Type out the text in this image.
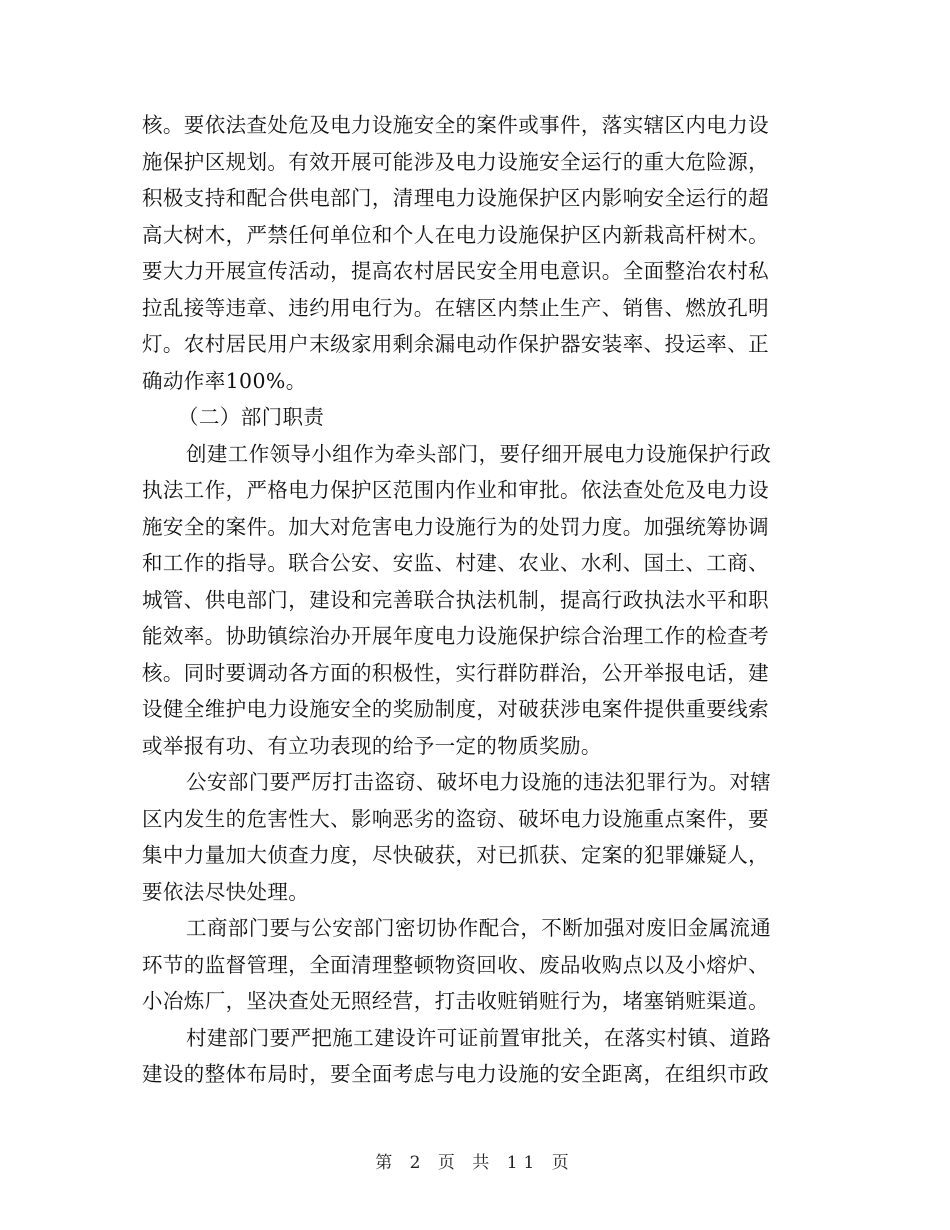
核。要依法查处危及电力设施安全的案件或事件，落实辖区内电力设
施保护区规划。有效开展可能涉及电力设施安全运行的重大危险源，
积极支持和配合供电部门，清理电力设施保护区内影响安全运行的超
高大树木，严禁任何单位和个人在电力设施保护区内新栽高杆树木。
要大力开展宣传活动，提高农村居民安全用电意识。全面整治农村私
拉乱接等违章、违约用电行为。在辖区内禁止生产、销售、燃放孔明
灯。农村居民用户末级家用剩余漏电动作保护器安装率、投运率、正
确动作率100%。
（二）部门职责
创建工作领导小组作为牵头部门，要仔细开展电力设施保护行政
执法工作，严格电力保护区范围内作业和审批。依法查处危及电力设
施安全的案件。加大对危害电力设施行为的处罚力度。加强统筹协调
和工作的指导。联合公安、安监、村建、农业、水利、国土、工商、
城管、供电部门，建设和完善联合执法机制，提高行政执法水平和职
能效率。协助镇综治办开展年度电力设施保护综合治理工作的检查考
核。同时要调动各方面的积极性，实行群防群治，公开举报电话，建
设健全维护电力设施安全的奖励制度，对破获涉电案件提供重要线索
或举报有功、有立功表现的给予一定的物质奖励。
公安部门要严厉打击盗窃、破坏电力设施的违法犯罪行为。对辖
区内发生的危害性大、影响恶劣的盗窃、破坏电力设施重点案件，要
集中力量加大侦查力度，尽快破获，对已抓获、定案的犯罪嫌疑人，
要依法尽快处理。
工商部门要与公安部门密切协作配合，不断加强对废旧金属流通
环节的监督管理，全面清理整顿物资回收、废品收购点以及小熔炉、
小冶炼厂，坚决查处无照经营，打击收赃销赃行为，堵塞销赃渠道。
村建部门要严把施工建设许可证前置审批关，在落实村镇、道路
建设的整体布局时，要全面考虑与电力设施的安全距离，在组织市政
第 2 页 共 11 页
